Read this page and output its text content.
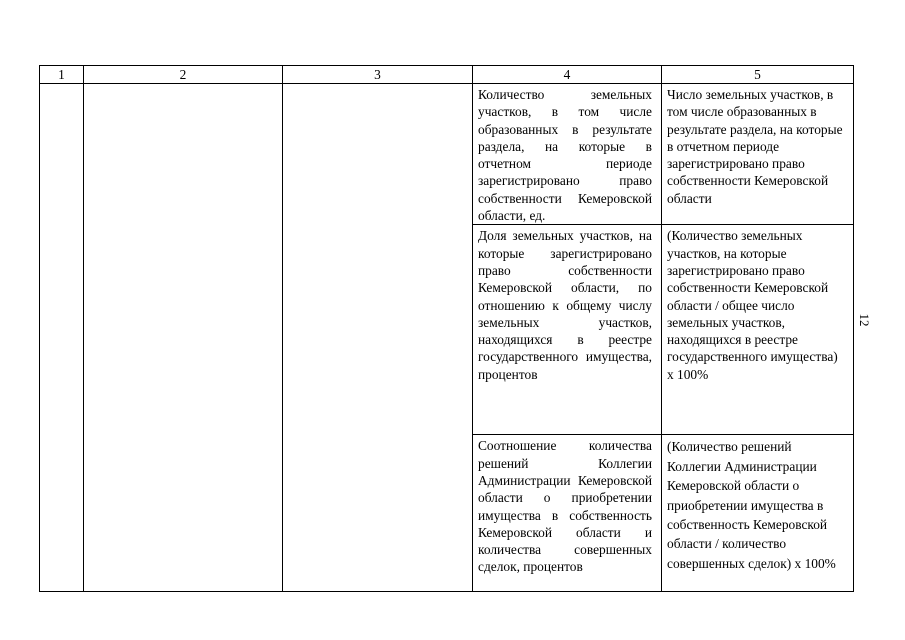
1	2	3	4	5

			Количество земельных участков, в том числе образованных в результате раздела, на которые в отчетном периоде зарегистрировано право собственности Кемеровской области, ед.	Число земельных участков, в том числе образованных в результате раздела, на которые в отчетном периоде зарегистрировано право собственности Кемеровской области

			Доля земельных участков, на которые зарегистрировано право собственности Кемеровской области, по отношению к общему числу земельных участков, находящихся в реестре государственного имущества, процентов	(Количество земельных участков, на которые зарегистрировано право собственности Кемеровской области / общее число земельных участков, находящихся в реестре государственного имущества) х 100%

			Соотношение количества решений Коллегии Администрации Кемеровской области о приобретении имущества в собственность Кемеровской области и количества совершенных сделок, процентов	(Количество решений Коллегии Администрации Кемеровской области о приобретении имущества в собственность Кемеровской области / количество совершенных сделок) х 100%
12
